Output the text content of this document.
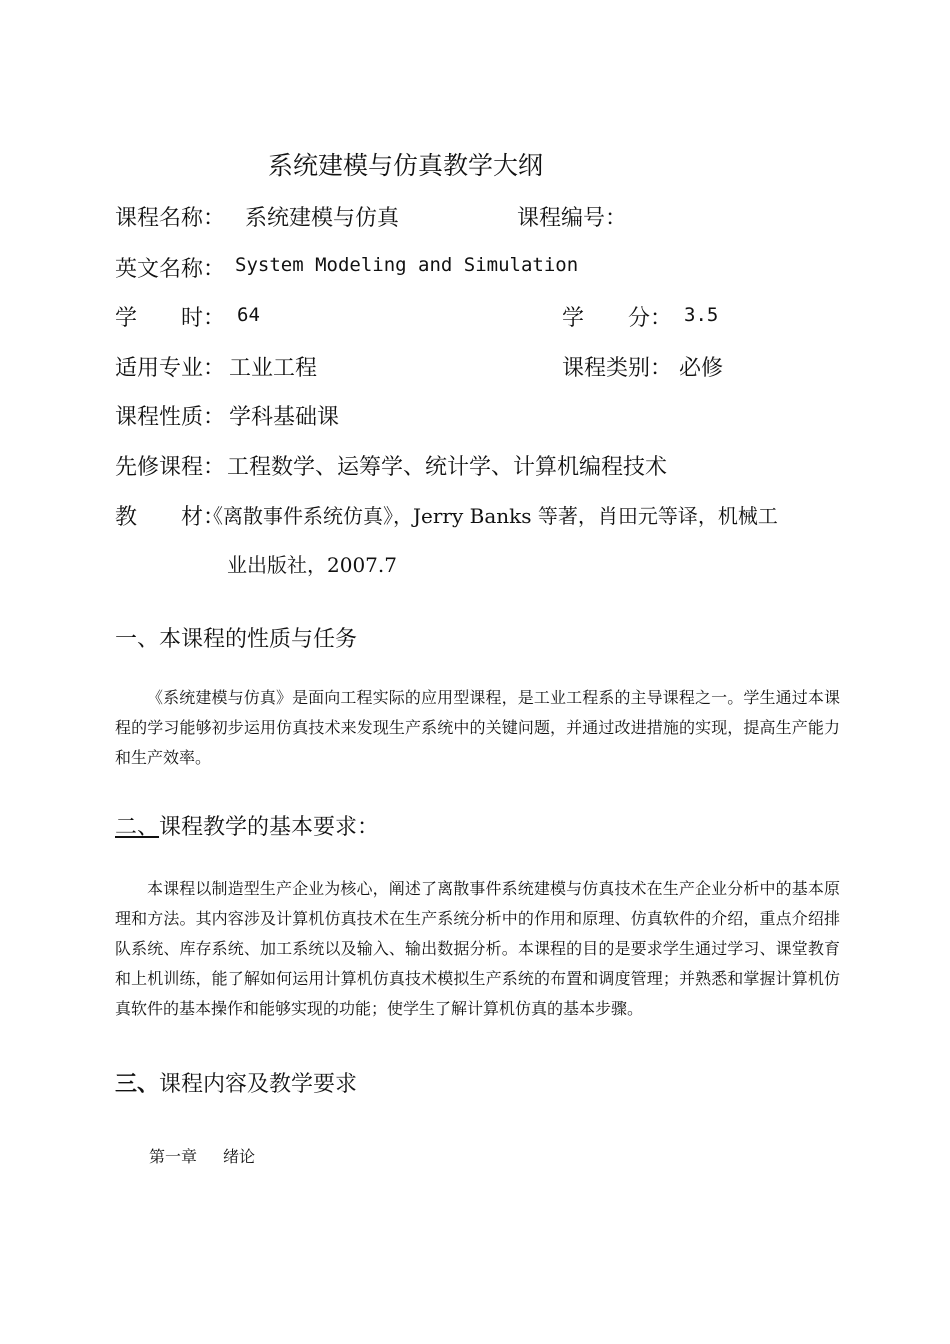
系统建模与仿真教学大纲
课程名称： 系统建模与仿真	课程编号：
英文名称： System Modeling and Simulation
学　　时： 64	学　　分： 3.5
适用专业： 工业工程	课程类别： 必修
课程性质： 学科基础课
先修课程： 工程数学、运筹学、统计学、计算机编程技术
教　　材：
《离散事件系统仿真》，Jerry Banks 等著，肖田元等译，机械工
业出版社，2007.7
一、本课程的性质与任务
《系统建模与仿真》是面向工程实际的应用型课程，是工业工程系的主导课程之一。学生通过本课程的学习能够初步运用仿真技术来发现生产系统中的关键问题，并通过改进措施的实现，提高生产能力和生产效率。
二、课程教学的基本要求：
本课程以制造型生产企业为核心，阐述了离散事件系统建模与仿真技术在生产企业分析中的基本原理和方法。其内容涉及计算机仿真技术在生产系统分析中的作用和原理、仿真软件的介绍，重点介绍排队系统、库存系统、加工系统以及输入、输出数据分析。本课程的目的是要求学生通过学习、课堂教育和上机训练，能了解如何运用计算机仿真技术模拟生产系统的布置和调度管理；并熟悉和掌握计算机仿真软件的基本操作和能够实现的功能；使学生了解计算机仿真的基本步骤。
三、课程内容及教学要求
第一章 绪论
